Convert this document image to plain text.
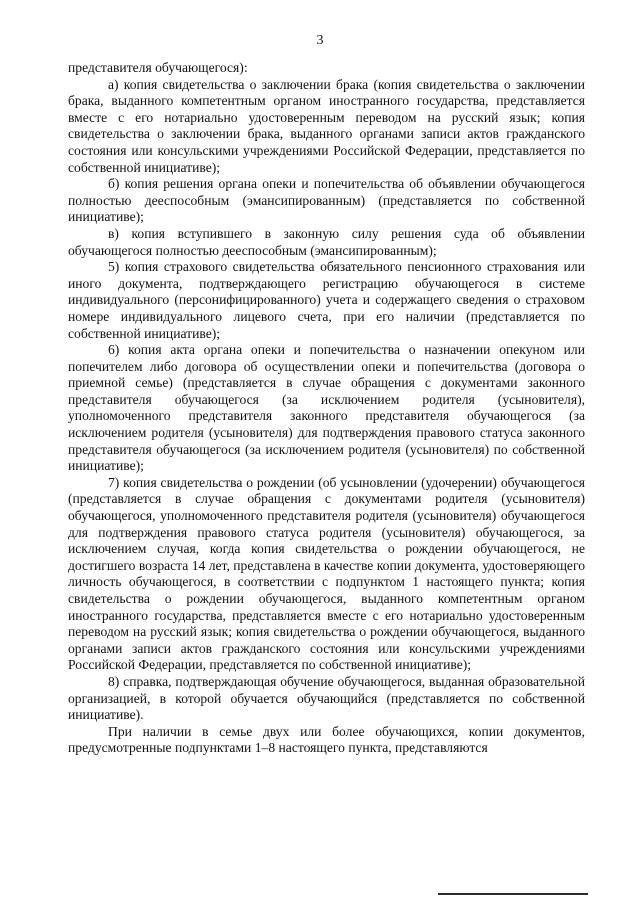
3

представителя обучающегося):

а) копия свидетельства о заключении брака (копия свидетельства о заключении брака, выданного компетентным органом иностранного государства, представляется вместе с его нотариально удостоверенным переводом на русский язык; копия свидетельства о заключении брака, выданного органами записи актов гражданского состояния или консульскими учреждениями Российской Федерации, представляется по собственной инициативе);

б) копия решения органа опеки и попечительства об объявлении обучающегося полностью дееспособным (эмансипированным) (представляется по собственной инициативе);

в) копия вступившего в законную силу решения суда об объявлении обучающегося полностью дееспособным (эмансипированным);

5) копия страхового свидетельства обязательного пенсионного страхования или иного документа, подтверждающего регистрацию обучающегося в системе индивидуального (персонифицированного) учета и содержащего сведения о страховом номере индивидуального лицевого счета, при его наличии (представляется по собственной инициативе);

6) копия акта органа опеки и попечительства о назначении опекуном или попечителем либо договора об осуществлении опеки и попечительства (договора о приемной семье) (представляется в случае обращения с документами законного представителя обучающегося (за исключением родителя (усыновителя), уполномоченного представителя законного представителя обучающегося (за исключением родителя (усыновителя) для подтверждения правового статуса законного представителя обучающегося (за исключением родителя (усыновителя) по собственной инициативе);

7) копия свидетельства о рождении (об усыновлении (удочерении) обучающегося (представляется в случае обращения с документами родителя (усыновителя) обучающегося, уполномоченного представителя родителя (усыновителя) обучающегося для подтверждения правового статуса родителя (усыновителя) обучающегося, за исключением случая, когда копия свидетельства о рождении обучающегося, не достигшего возраста 14 лет, представлена в качестве копии документа, удостоверяющего личность обучающегося, в соответствии с подпунктом 1 настоящего пункта; копия свидетельства о рождении обучающегося, выданного компетентным органом иностранного государства, представляется вместе с его нотариально удостоверенным переводом на русский язык; копия свидетельства о рождении обучающегося, выданного органами записи актов гражданского состояния или консульскими учреждениями Российской Федерации, представляется по собственной инициативе);

8) справка, подтверждающая обучение обучающегося, выданная образовательной организацией, в которой обучается обучающийся (представляется по собственной инициативе).

При наличии в семье двух или более обучающихся, копии документов, предусмотренные подпунктами 1–8 настоящего пункта, представляются
